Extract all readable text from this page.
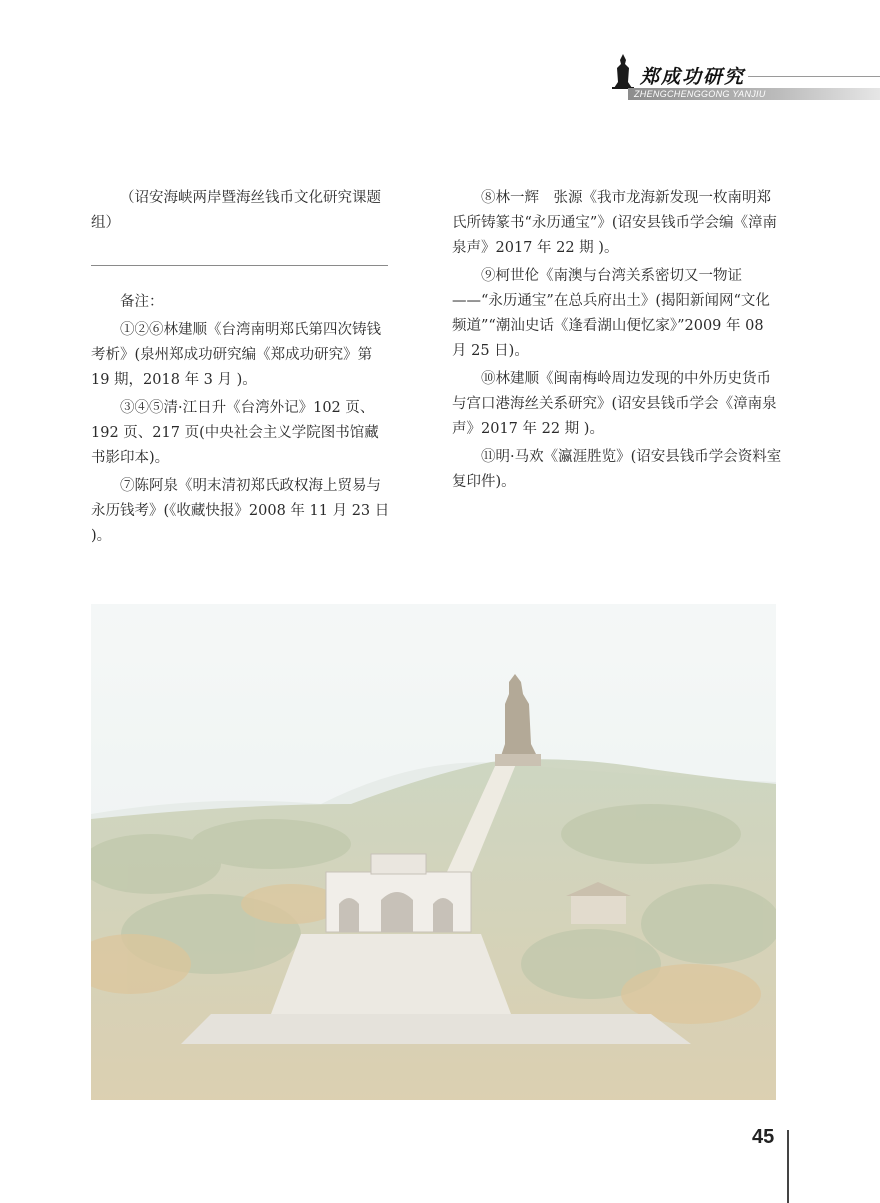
郑成功研究
ZHENGCHENGGONG YANJIU

（诏安海峡两岸暨海丝钱币文化研究课题组）

备注：

①②⑥林建顺《台湾南明郑氏第四次铸钱考析》(泉州郑成功研究编《郑成功研究》第 19 期，2018 年 3 月 )。

③④⑤清·江日升《台湾外记》102 页、192 页、217 页(中央社会主义学院图书馆藏书影印本)。

⑦陈阿泉《明末清初郑氏政权海上贸易与永历钱考》(《收藏快报》2008 年 11 月 23 日 )。

⑧林一辉　张源《我市龙海新发现一枚南明郑氏所铸篆书“永历通宝”》(诏安县钱币学会编《漳南泉声》2017 年 22 期 )。

⑨柯世伦《南澳与台湾关系密切又一物证——“永历通宝”在总兵府出土》(揭阳新闻网“文化频道”“潮汕史话《逢看湖山便忆家》”2009 年 08 月 25 日)。

⑩林建顺《闽南梅岭周边发现的中外历史货币与宫口港海丝关系研究》(诏安县钱币学会《漳南泉声》2017 年 22 期 )。

⑪明·马欢《瀛涯胜览》(诏安县钱币学会资料室复印件)。

45
